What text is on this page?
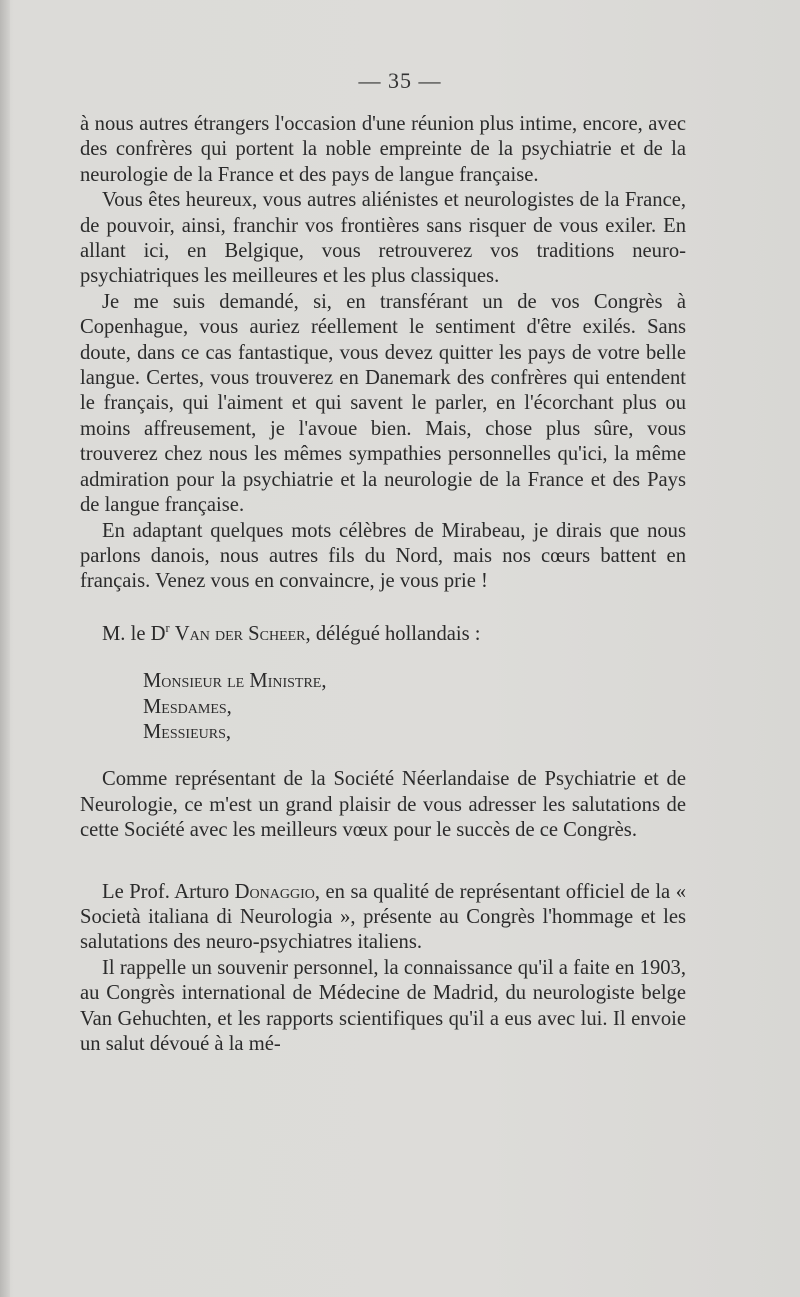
— 35 —

à nous autres étrangers l'occasion d'une réunion plus intime, encore, avec des confrères qui portent la noble empreinte de la psychiatrie et de la neurologie de la France et des pays de langue française.

Vous êtes heureux, vous autres aliénistes et neurologistes de la France, de pouvoir, ainsi, franchir vos frontières sans risquer de vous exiler. En allant ici, en Belgique, vous retrouverez vos traditions neuro-psychiatriques les meilleures et les plus classiques.

Je me suis demandé, si, en transférant un de vos Congrès à Copenhague, vous auriez réellement le sentiment d'être exilés. Sans doute, dans ce cas fantastique, vous devez quitter les pays de votre belle langue. Certes, vous trouverez en Danemark des confrères qui entendent le français, qui l'aiment et qui savent le parler, en l'écorchant plus ou moins affreusement, je l'avoue bien. Mais, chose plus sûre, vous trouverez chez nous les mêmes sympathies personnelles qu'ici, la même admiration pour la psychiatrie et la neurologie de la France et des Pays de langue française.

En adaptant quelques mots célèbres de Mirabeau, je dirais que nous parlons danois, nous autres fils du Nord, mais nos cœurs battent en français. Venez vous en convaincre, je vous prie !

M. le $D^r$ Van der Scheer, délégué hollandais :

Monsieur le Ministre,
Mesdames,
Messieurs,

Comme représentant de la Société Néerlandaise de Psychiatrie et de Neurologie, ce m'est un grand plaisir de vous adresser les salutations de cette Société avec les meilleurs vœux pour le succès de ce Congrès.

Le Prof. Arturo Donaggio, en sa qualité de représentant officiel de la « Società italiana di Neurologia », présente au Congrès l'hommage et les salutations des neuro-psychiatres italiens.

Il rappelle un souvenir personnel, la connaissance qu'il a faite en 1903, au Congrès international de Médecine de Madrid, du neurologiste belge Van Gehuchten, et les rapports scientifiques qu'il a eus avec lui. Il envoie un salut dévoué à la mé-
